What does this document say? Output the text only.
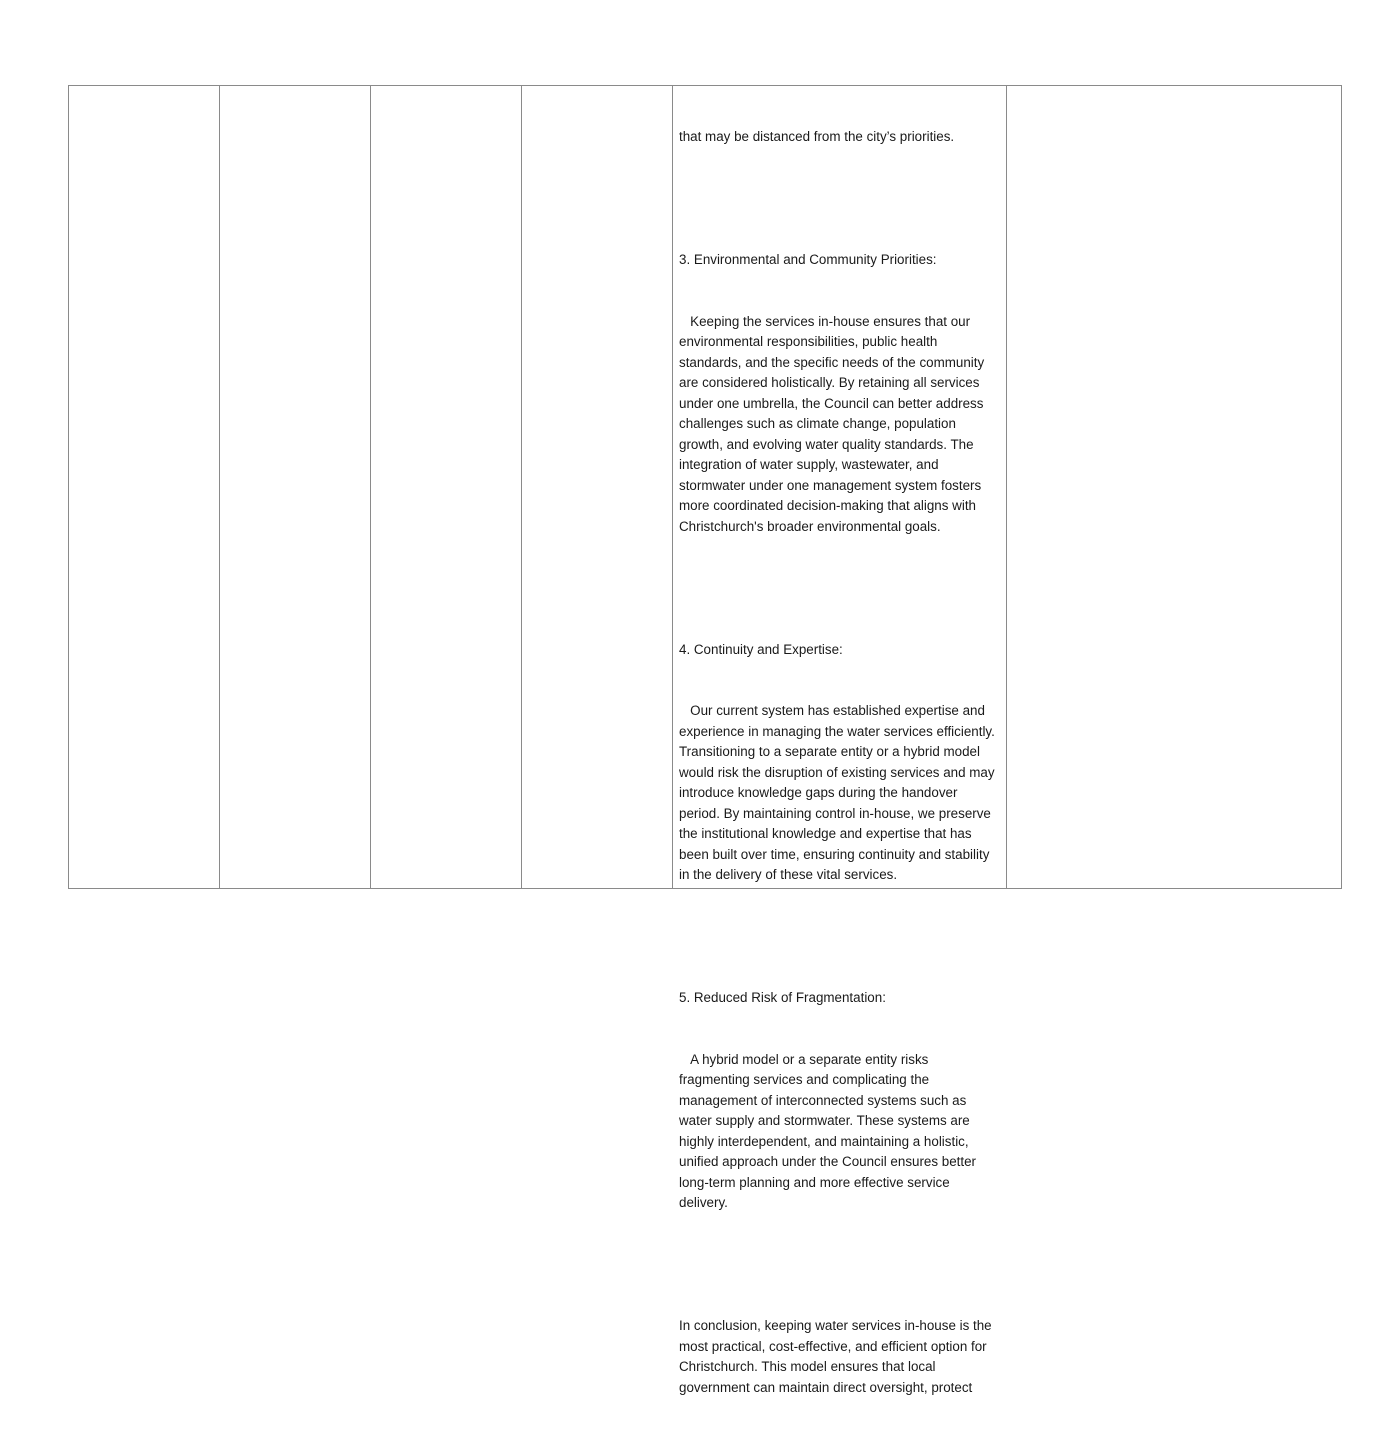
that may be distanced from the city’s priorities.

3. Environmental and Community Priorities:

Keeping the services in-house ensures that our environmental responsibilities, public health standards, and the specific needs of the community are considered holistically. By retaining all services under one umbrella, the Council can better address challenges such as climate change, population growth, and evolving water quality standards. The integration of water supply, wastewater, and stormwater under one management system fosters more coordinated decision-making that aligns with Christchurch's broader environmental goals.

4. Continuity and Expertise:

Our current system has established expertise and experience in managing the water services efficiently. Transitioning to a separate entity or a hybrid model would risk the disruption of existing services and may introduce knowledge gaps during the handover period. By maintaining control in-house, we preserve the institutional knowledge and expertise that has been built over time, ensuring continuity and stability in the delivery of these vital services.

5. Reduced Risk of Fragmentation:

A hybrid model or a separate entity risks fragmenting services and complicating the management of interconnected systems such as water supply and stormwater. These systems are highly interdependent, and maintaining a holistic, unified approach under the Council ensures better long-term planning and more effective service delivery.

In conclusion, keeping water services in-house is the most practical, cost-effective, and efficient option for Christchurch. This model ensures that local government can maintain direct oversight, protect
